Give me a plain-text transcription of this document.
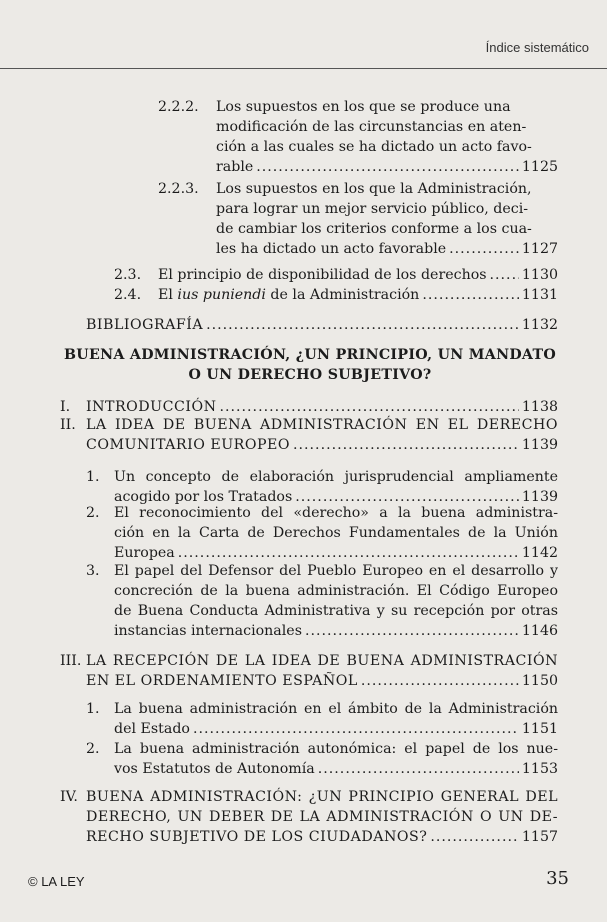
Índice sistemático
2.2.2. Los supuestos en los que se produce una
modificación de las circunstancias en aten-
ción a las cuales se ha dictado un acto favo-
rable .....	1125
2.2.3. Los supuestos en los que la Administración,
para lograr un mejor servicio público, deci-
de cambiar los criterios conforme a los cua-
les ha dictado un acto favorable .....	1127
2.3. El principio de disponibilidad de los derechos ..... 1130
2.4. El ius puniendi de la Administración .....	1131
BIBLIOGRAFÍA .....	1132
BUENA ADMINISTRACIÓN, ¿UN PRINCIPIO, UN MANDATO
O UN DERECHO SUBJETIVO?
I. INTRODUCCIÓN .....	1138
II. LA IDEA DE BUENA ADMINISTRACIÓN EN EL DERECHO
COMUNITARIO EUROPEO .....	1139
1. Un concepto de elaboración jurisprudencial ampliamente
acogido por los Tratados .....	1139
2. El reconocimiento del «derecho» a la buena administra-
ción en la Carta de Derechos Fundamentales de la Unión
Europea .....	1142
3. El papel del Defensor del Pueblo Europeo en el desarrollo y
concreción de la buena administración. El Código Europeo
de Buena Conducta Administrativa y su recepción por otras
instancias internacionales .....	1146
III. LA RECEPCIÓN DE LA IDEA DE BUENA ADMINISTRACIÓN
EN EL ORDENAMIENTO ESPAÑOL .....	1150
1. La buena administración en el ámbito de la Administración
del Estado .....	1151
2. La buena administración autonómica: el papel de los nue-
vos Estatutos de Autonomía .....	1153
IV. BUENA ADMINISTRACIÓN: ¿UN PRINCIPIO GENERAL DEL
DERECHO, UN DEBER DE LA ADMINISTRACIÓN O UN DE-
RECHO SUBJETIVO DE LOS CIUDADANOS? .....	1157
© LA LEY	35
